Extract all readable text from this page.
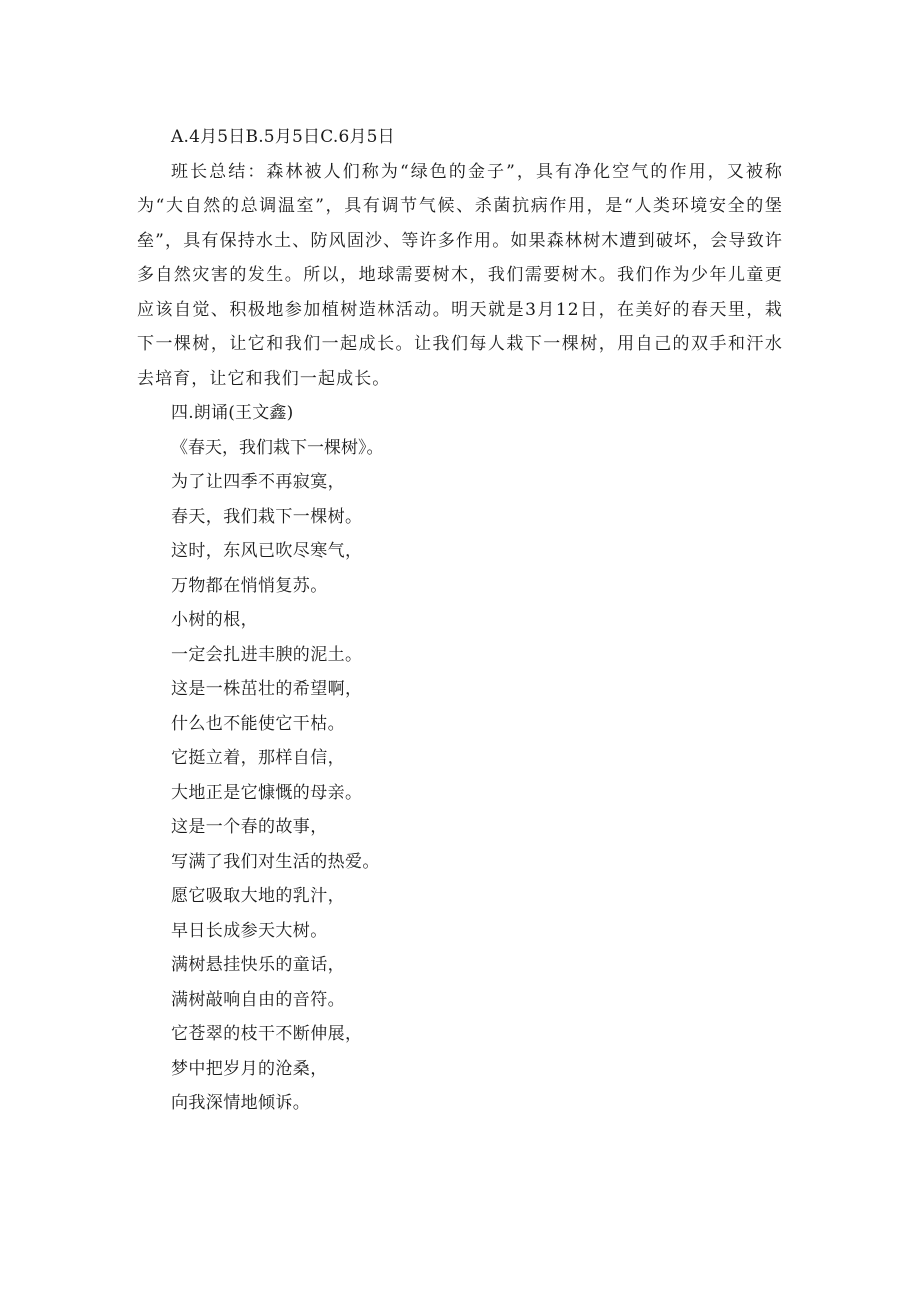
A.4月5日B.5月5日C.6月5日

班长总结：森林被人们称为“绿色的金子”，具有净化空气的作用，又被称为“大自然的总调温室”，具有调节气候、杀菌抗病作用，是“人类环境安全的堡垒”，具有保持水土、防风固沙、等许多作用。如果森林树木遭到破坏，会导致许多自然灾害的发生。所以，地球需要树木，我们需要树木。我们作为少年儿童更应该自觉、积极地参加植树造林活动。明天就是3月12日，在美好的春天里，栽下一棵树，让它和我们一起成长。让我们每人栽下一棵树，用自己的双手和汗水去培育，让它和我们一起成长。

四.朗诵(王文鑫)

《春天，我们栽下一棵树》。

为了让四季不再寂寞，

春天，我们栽下一棵树。

这时，东风已吹尽寒气，

万物都在悄悄复苏。

小树的根，

一定会扎进丰腴的泥土。

这是一株茁壮的希望啊，

什么也不能使它干枯。

它挺立着，那样自信，

大地正是它慷慨的母亲。

这是一个春的故事，

写满了我们对生活的热爱。

愿它吸取大地的乳汁，

早日长成参天大树。

满树悬挂快乐的童话，

满树敲响自由的音符。

它苍翠的枝干不断伸展，

梦中把岁月的沧桑，

向我深情地倾诉。
